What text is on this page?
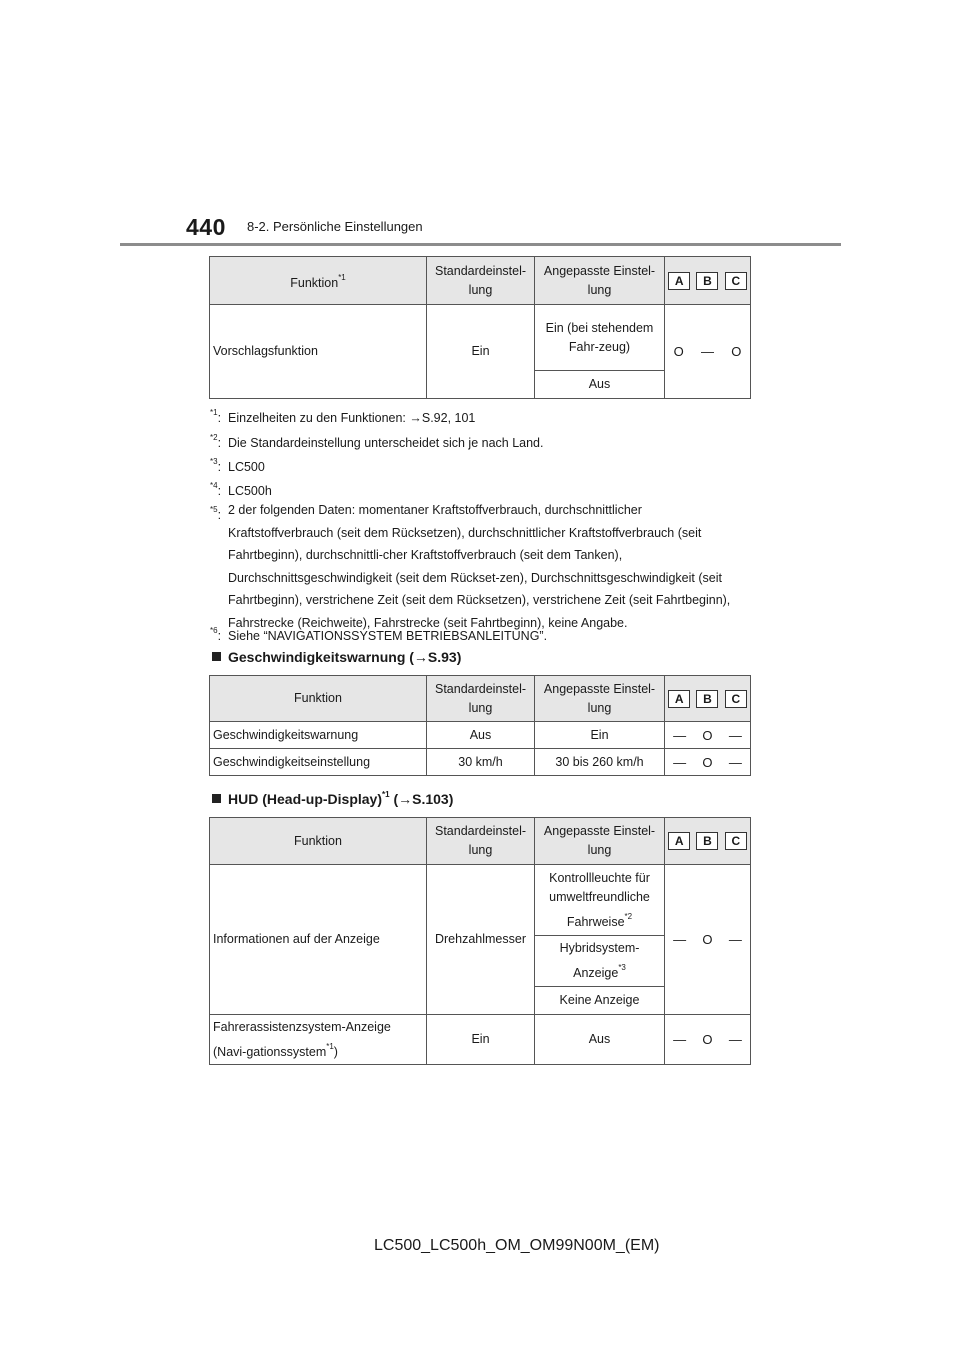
440 8-2. Persönliche Einstellungen
Funktion$^{*1}$	Standardeinstel-lung	Angepasste Einstel-lung	A B C

Vorschlagsfunktion	Ein	Ein (bei stehendem Fahr-zeug)	O — O

		Aus	
$^{*1}$: Einzelheiten zu den Funktionen: →S.92, 101
$^{*2}$: Die Standardeinstellung unterscheidet sich je nach Land.
$^{*3}$: LC500
$^{*4}$: LC500h
$^{*5}$: 2 der folgenden Daten: momentaner Kraftstoffverbrauch, durchschnittlicher Kraftstoffverbrauch (seit dem Rücksetzen), durchschnittlicher Kraftstoffverbrauch (seit Fahrtbeginn), durchschnittli-cher Kraftstoffverbrauch (seit dem Tanken), Durchschnittsgeschwindigkeit (seit dem Rückset-zen), Durchschnittsgeschwindigkeit (seit Fahrtbeginn), verstrichene Zeit (seit dem Rücksetzen), verstrichene Zeit (seit Fahrtbeginn), Fahrstrecke (Reichweite), Fahrstrecke (seit Fahrtbeginn), keine Angabe.
$^{*6}$: Siehe “NAVIGATIONSSYSTEM BETRIEBSANLEITUNG”.
Geschwindigkeitswarnung (→S.93)
Funktion	Standardeinstel-lung	Angepasste Einstel-lung	A B C

Geschwindigkeitswarnung	Aus	Ein	— O —

Geschwindigkeitseinstellung	30 km/h	30 bis 260 km/h	— O —
HUD (Head-up-Display)$^{*1}$ (→S.103)
Funktion	Standardeinstel-lung	Angepasste Einstel-lung	A B C

Informationen auf der Anzeige	Drehzahlmesser	Kontrollleuchte für umweltfreundliche Fahrweise$^{*2}$	— O —

		Hybridsystem-Anzeige$^{*3}$
		Keine Anzeige	
Fahrerassistenzsystem-Anzeige (Navi-gationssystem$^{*1}$)	Ein	Aus	— O —
LC500_LC500h_OM_OM99N00M_(EM)
